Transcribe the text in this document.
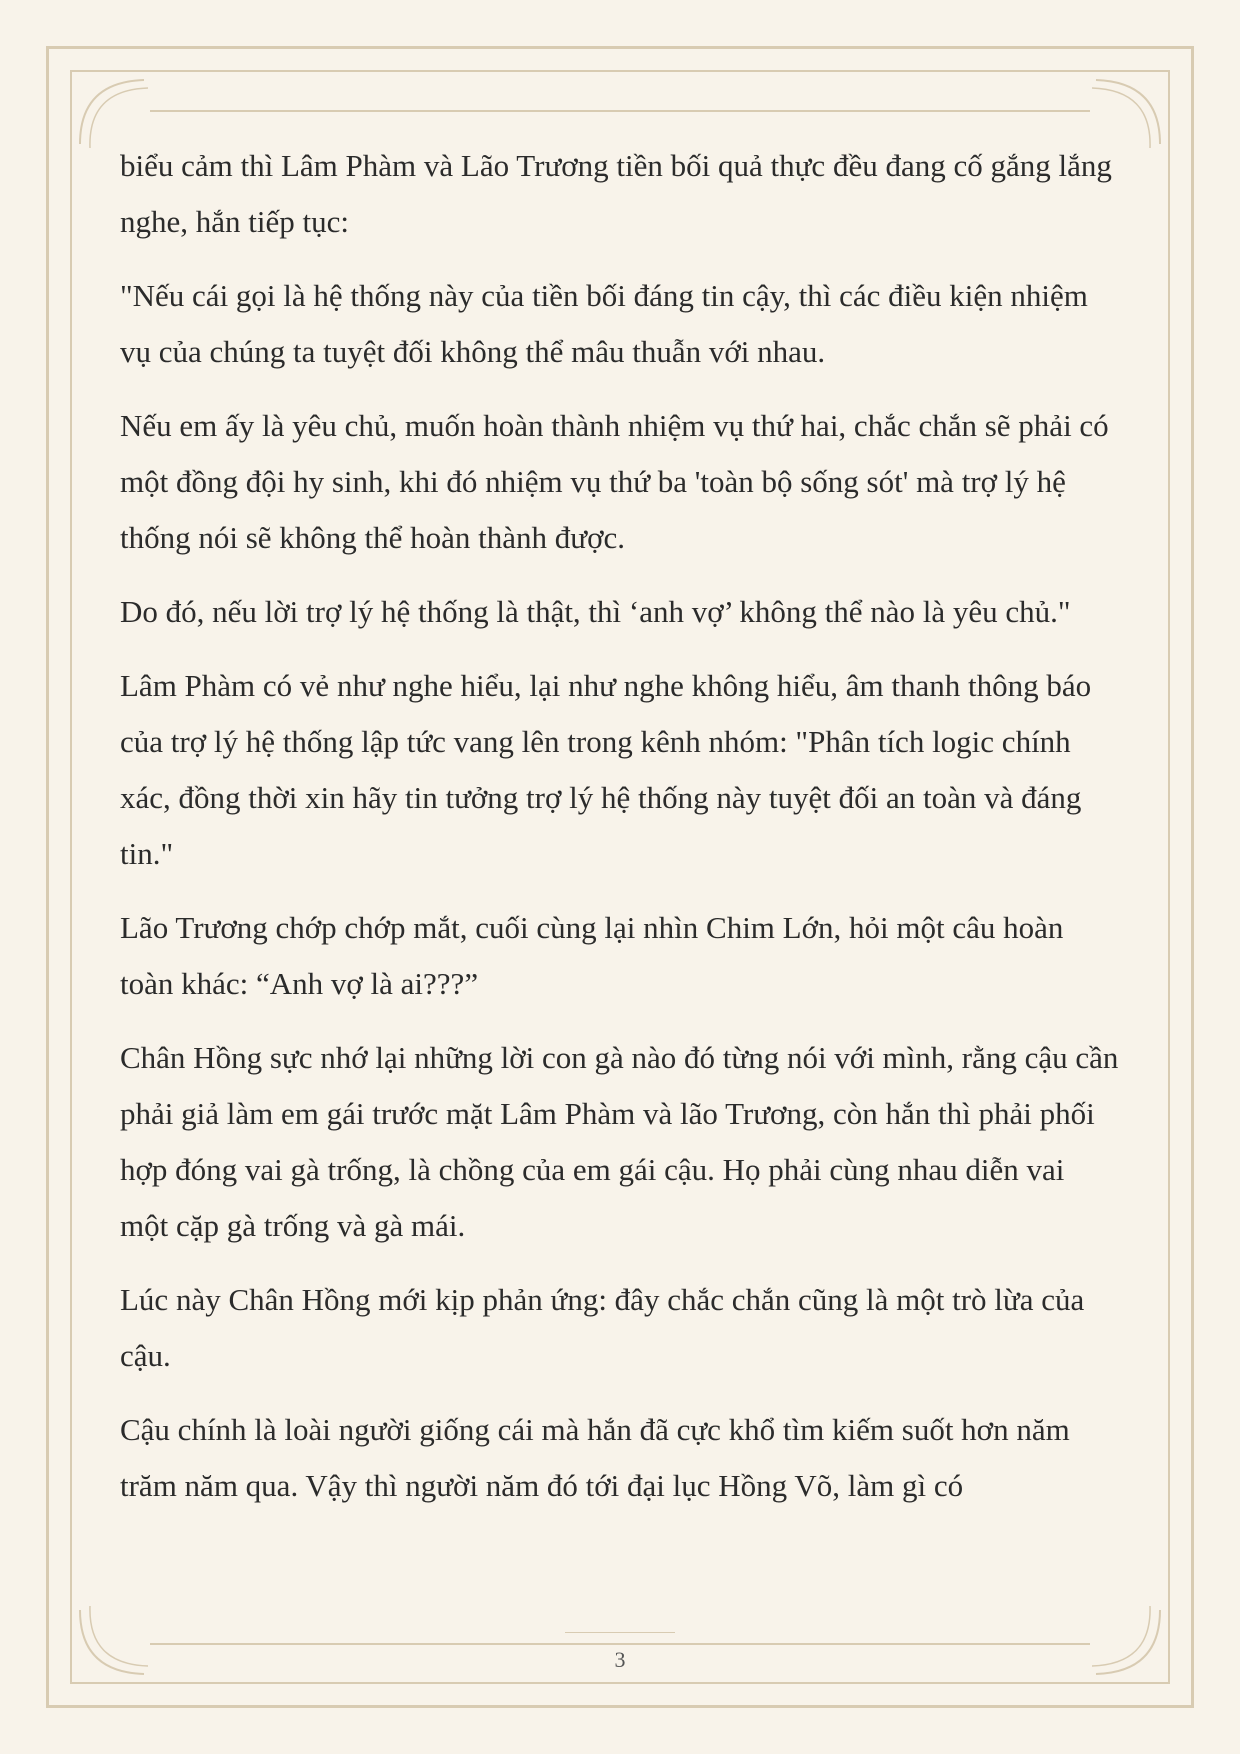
biểu cảm thì Lâm Phàm và Lão Trương tiền bối quả thực đều đang cố gắng lắng nghe, hắn tiếp tục:

"Nếu cái gọi là hệ thống này của tiền bối đáng tin cậy, thì các điều kiện nhiệm vụ của chúng ta tuyệt đối không thể mâu thuẫn với nhau.

Nếu em ấy là yêu chủ, muốn hoàn thành nhiệm vụ thứ hai, chắc chắn sẽ phải có một đồng đội hy sinh, khi đó nhiệm vụ thứ ba 'toàn bộ sống sót' mà trợ lý hệ thống nói sẽ không thể hoàn thành được.

Do đó, nếu lời trợ lý hệ thống là thật, thì ‘anh vợ’ không thể nào là yêu chủ."

Lâm Phàm có vẻ như nghe hiểu, lại như nghe không hiểu, âm thanh thông báo của trợ lý hệ thống lập tức vang lên trong kênh nhóm: "Phân tích logic chính xác, đồng thời xin hãy tin tưởng trợ lý hệ thống này tuyệt đối an toàn và đáng tin."

Lão Trương chớp chớp mắt, cuối cùng lại nhìn Chim Lớn, hỏi một câu hoàn toàn khác: “Anh vợ là ai???”

Chân Hồng sực nhớ lại những lời con gà nào đó từng nói với mình, rằng cậu cần phải giả làm em gái trước mặt Lâm Phàm và lão Trương, còn hắn thì phải phối hợp đóng vai gà trống, là chồng của em gái cậu. Họ phải cùng nhau diễn vai một cặp gà trống và gà mái.

Lúc này Chân Hồng mới kịp phản ứng: đây chắc chắn cũng là một trò lừa của cậu.

Cậu chính là loài người giống cái mà hắn đã cực khổ tìm kiếm suốt hơn năm trăm năm qua. Vậy thì người năm đó tới đại lục Hồng Võ, làm gì có

3
